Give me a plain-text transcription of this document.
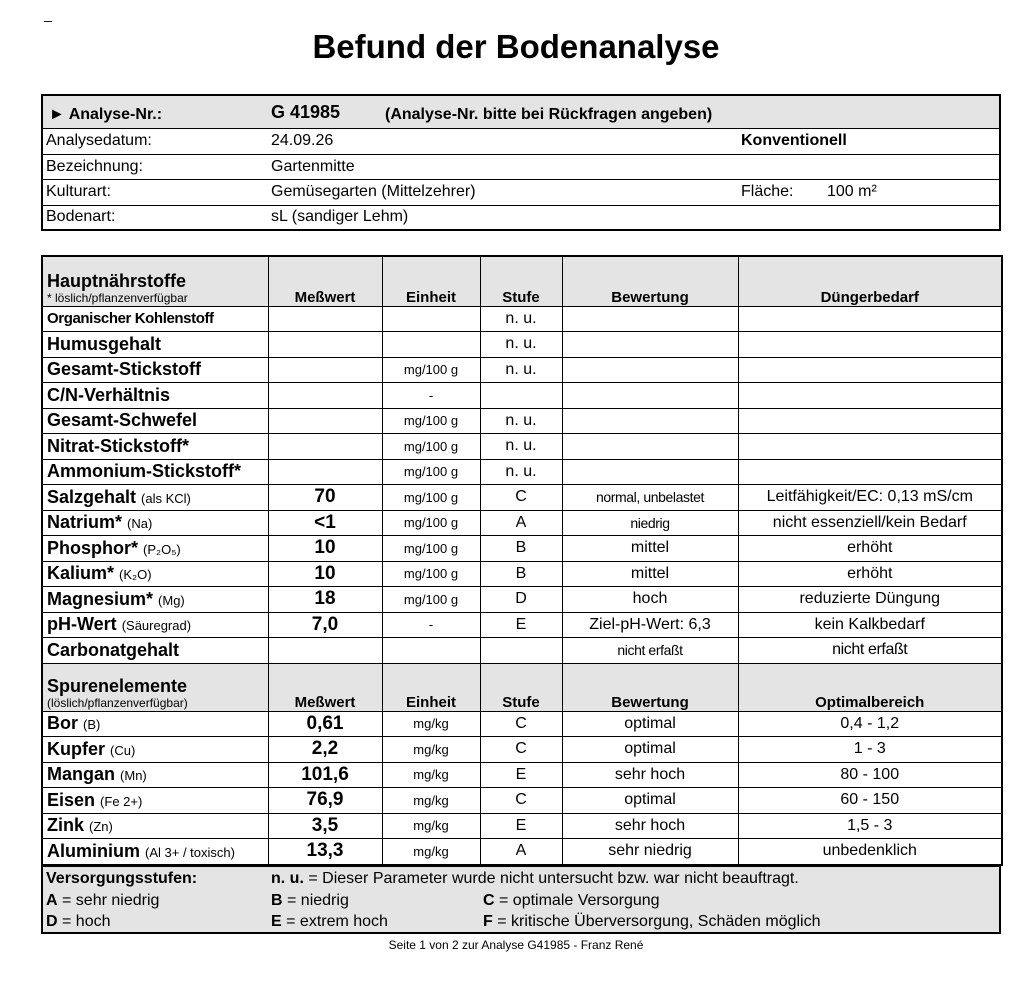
–
Befund der Bodenanalyse
► Analyse-Nr.:	G 41985	(Analyse-Nr. bitte bei Rückfragen angeben)
Analysedatum:	24.09.26	Konventionell
Bezeichnung:	Gartenmitte
Kulturart:	Gemüsegarten (Mittelzehrer)	Fläche: 100 m²
Bodenart:	sL (sandiger Lehm)
Hauptnährstoffe
* löslich/pflanzenverfügbar	Meßwert	Einheit	Stufe	Bewertung	Düngerbedarf
Organischer Kohlenstoff			n. u.		
Humusgehalt			n. u.		
Gesamt-Stickstoff		mg/100 g	n. u.		
C/N-Verhältnis		-			
Gesamt-Schwefel		mg/100 g	n. u.		
Nitrat-Stickstoff*		mg/100 g	n. u.		
Ammonium-Stickstoff*		mg/100 g	n. u.		
Salzgehalt (als KCl)	70	mg/100 g	C	normal, unbelastet	Leitfähigkeit/EC: 0,13 mS/cm
Natrium* (Na)	<1	mg/100 g	A	niedrig	nicht essenziell/kein Bedarf
Phosphor* (P₂O₅)	10	mg/100 g	B	mittel	erhöht
Kalium* (K₂O)	10	mg/100 g	B	mittel	erhöht
Magnesium* (Mg)	18	mg/100 g	D	hoch	reduzierte Düngung
pH-Wert (Säuregrad)	7,0	-	E	Ziel-pH-Wert: 6,3	kein Kalkbedarf
Carbonatgehalt				nicht erfaßt	nicht erfaßt

Spurenelemente
(löslich/pflanzenverfügbar)	Meßwert	Einheit	Stufe	Bewertung	Optimalbereich
Bor (B)	0,61	mg/kg	C	optimal	0,4 - 1,2
Kupfer (Cu)	2,2	mg/kg	C	optimal	1 - 3
Mangan (Mn)	101,6	mg/kg	E	sehr hoch	80 - 100
Eisen (Fe 2+)	76,9	mg/kg	C	optimal	60 - 150
Zink (Zn)	3,5	mg/kg	E	sehr hoch	1,5 - 3
Aluminium (Al 3+ / toxisch)	13,3	mg/kg	A	sehr niedrig	unbedenklich
Versorgungsstufen:	n. u. = Dieser Parameter wurde nicht untersucht bzw. war nicht beauftragt.
A = sehr niedrig	B = niedrig	C = optimale Versorgung
D = hoch	E = extrem hoch	F = kritische Überversorgung, Schäden möglich
Seite 1 von 2 zur Analyse G41985 - Franz René
